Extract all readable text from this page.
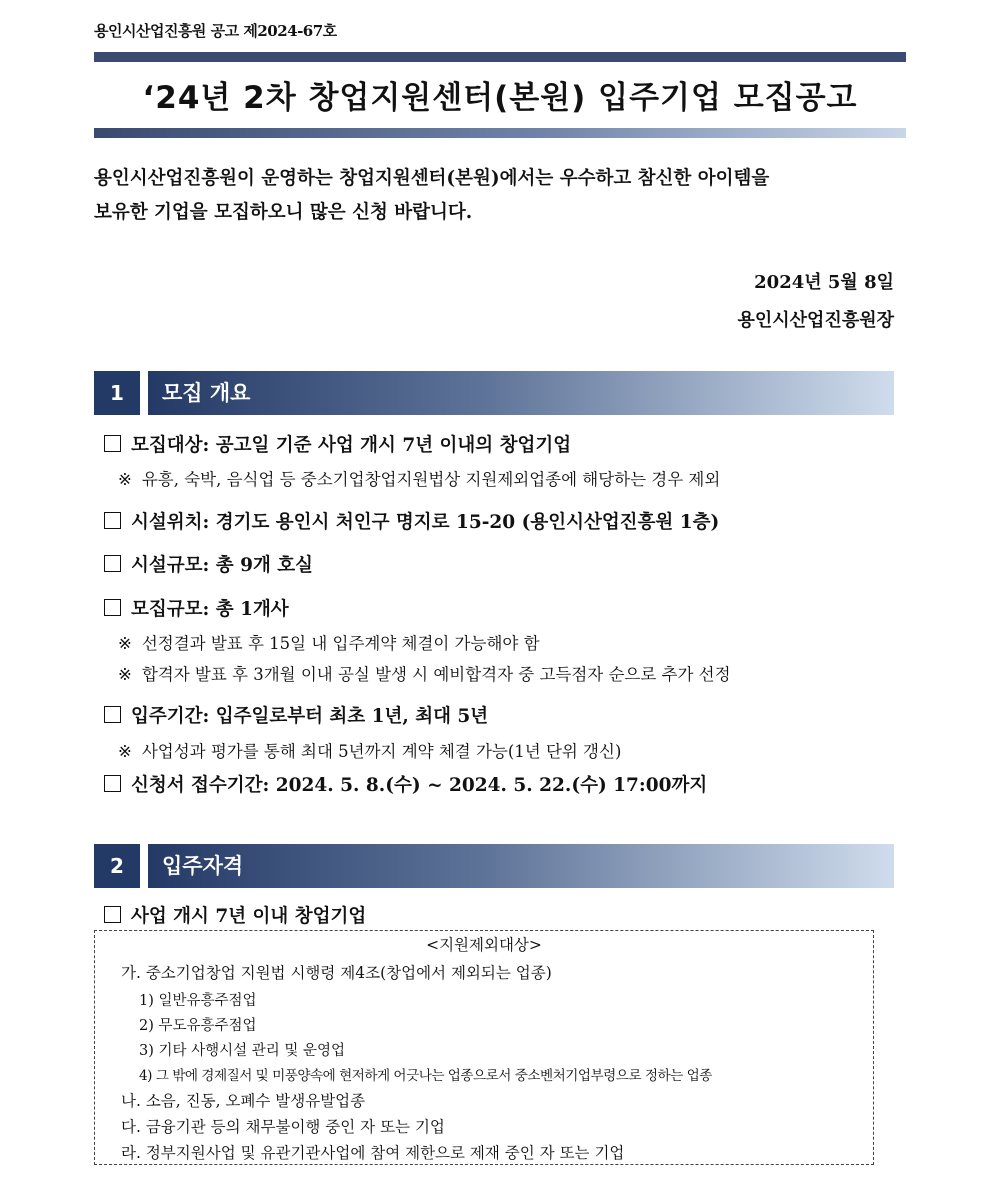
용인시산업진흥원 공고 제2024-67호
‘24년 2차 창업지원센터(본원) 입주기업 모집공고

용인시산업진흥원이 운영하는 창업지원센터(본원)에서는 우수하고 참신한 아이템을

보유한 기업을 모집하오니 많은 신청 바랍니다.

2024년 5월 8일
용인시산업진흥원장
1	모집 개요
모집대상: 공고일 기준 사업 개시 7년 이내의 창업기업
※ 유흥, 숙박, 음식업 등 중소기업창업지원법상 지원제외업종에 해당하는 경우 제외
시설위치: 경기도 용인시 처인구 명지로 15-20 (용인시산업진흥원 1층)
시설규모: 총 9개 호실
모집규모: 총 1개사
※ 선정결과 발표 후 15일 내 입주계약 체결이 가능해야 함
※ 합격자 발표 후 3개월 이내 공실 발생 시 예비합격자 중 고득점자 순으로 추가 선정
입주기간: 입주일로부터 최초 1년, 최대 5년
※ 사업성과 평가를 통해 최대 5년까지 계약 체결 가능(1년 단위 갱신)
신청서 접수기간: 2024. 5. 8.(수) ~ 2024. 5. 22.(수) 17:00까지
2	입주자격
사업 개시 7년 이내 창업기업
<지원제외대상>
가. 중소기업창업 지원법 시행령 제4조(창업에서 제외되는 업종)
1) 일반유흥주점업
2) 무도유흥주점업
3) 기타 사행시설 관리 및 운영업
4) 그 밖에 경제질서 및 미풍양속에 현저하게 어긋나는 업종으로서 중소벤처기업부령으로 정하는 업종
나. 소음, 진동, 오폐수 발생유발업종
다. 금융기관 등의 채무불이행 중인 자 또는 기업
라. 정부지원사업 및 유관기관사업에 참여 제한으로 제재 중인 자 또는 기업
